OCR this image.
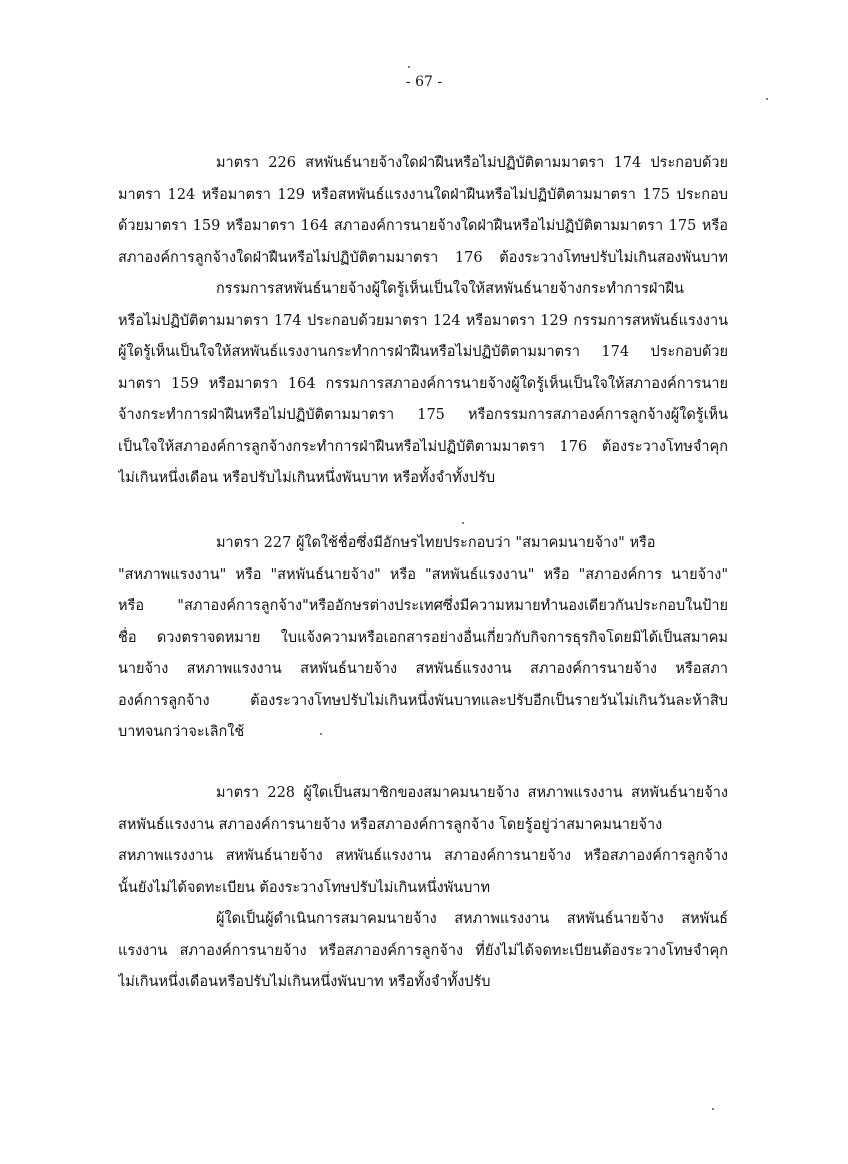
- 67 -
มาตรา 226 สหพันธ์นายจ้างใดฝ่าฝืนหรือไม่ปฏิบัติตามมาตรา 174 ประกอบด้วย
มาตรา 124 หรือมาตรา 129 หรือสหพันธ์แรงงานใดฝ่าฝืนหรือไม่ปฏิบัติตามมาตรา 175 ประกอบ
ด้วยมาตรา 159 หรือมาตรา 164 สภาองค์การนายจ้างใดฝ่าฝืนหรือไม่ปฏิบัติตามมาตรา 175 หรือ
สภาองค์การลูกจ้างใดฝ่าฝืนหรือไม่ปฏิบัติตามมาตรา 176 ต้องระวางโทษปรับไม่เกินสองพันบาท
กรรมการสหพันธ์นายจ้างผู้ใดรู้เห็นเป็นใจให้สหพันธ์นายจ้างกระทำการฝ่าฝืน
หรือไม่ปฏิบัติตามมาตรา 174 ประกอบด้วยมาตรา 124 หรือมาตรา 129 กรรมการสหพันธ์แรงงาน
ผู้ใดรู้เห็นเป็นใจให้สหพันธ์แรงงานกระทำการฝ่าฝืนหรือไม่ปฏิบัติตามมาตรา 174 ประกอบด้วย
มาตรา 159 หรือมาตรา 164 กรรมการสภาองค์การนายจ้างผู้ใดรู้เห็นเป็นใจให้สภาองค์การนาย
จ้างกระทำการฝ่าฝืนหรือไม่ปฏิบัติตามมาตรา 175 หรือกรรมการสภาองค์การลูกจ้างผู้ใดรู้เห็น
เป็นใจให้สภาองค์การลูกจ้างกระทำการฝ่าฝืนหรือไม่ปฏิบัติตามมาตรา 176 ต้องระวางโทษจำคุก
ไม่เกินหนึ่งเดือน หรือปรับไม่เกินหนึ่งพันบาท หรือทั้งจำทั้งปรับ
มาตรา 227 ผู้ใดใช้ชื่อซึ่งมีอักษรไทยประกอบว่า "สมาคมนายจ้าง" หรือ
"สหภาพแรงงาน" หรือ "สหพันธ์นายจ้าง" หรือ "สหพันธ์แรงงาน" หรือ "สภาองค์การ นายจ้าง"
หรือ "สภาองค์การลูกจ้าง"หรืออักษรต่างประเทศซึ่งมีความหมายทำนองเดียวกันประกอบในป้าย
ชื่อ ดวงตราจดหมาย ใบแจ้งความหรือเอกสารอย่างอื่นเกี่ยวกับกิจการธุรกิจโดยมิได้เป็นสมาคม
นายจ้าง สหภาพแรงงาน สหพันธ์นายจ้าง สหพันธ์แรงงาน สภาองค์การนายจ้าง หรือสภา
องค์การลูกจ้าง ต้องระวางโทษปรับไม่เกินหนึ่งพันบาทและปรับอีกเป็นรายวันไม่เกินวันละห้าสิบ
บาทจนกว่าจะเลิกใช้
มาตรา 228 ผู้ใดเป็นสมาชิกของสมาคมนายจ้าง สหภาพแรงงาน สหพันธ์นายจ้าง
สหพันธ์แรงงาน สภาองค์การนายจ้าง หรือสภาองค์การลูกจ้าง โดยรู้อยู่ว่าสมาคมนายจ้าง
สหภาพแรงงาน สหพันธ์นายจ้าง สหพันธ์แรงงาน สภาองค์การนายจ้าง หรือสภาองค์การลูกจ้าง
นั้นยังไม่ได้จดทะเบียน ต้องระวางโทษปรับไม่เกินหนึ่งพันบาท
ผู้ใดเป็นผู้ดำเนินการสมาคมนายจ้าง สหภาพแรงงาน สหพันธ์นายจ้าง สหพันธ์
แรงงาน สภาองค์การนายจ้าง หรือสภาองค์การลูกจ้าง ที่ยังไม่ได้จดทะเบียนต้องระวางโทษจำคุก
ไม่เกินหนึ่งเดือนหรือปรับไม่เกินหนึ่งพันบาท หรือทั้งจำทั้งปรับ
